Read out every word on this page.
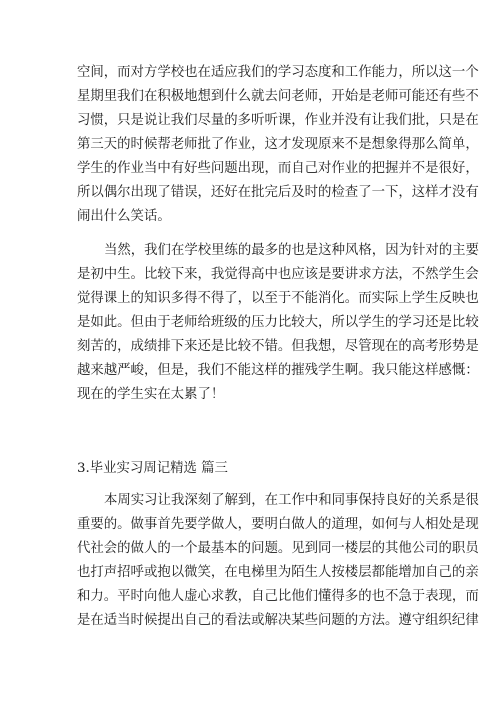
空间，而对方学校也在适应我们的学习态度和工作能力，所以这一个
星期里我们在积极地想到什么就去问老师，开始是老师可能还有些不
习惯，只是说让我们尽量的多听听课，作业并没有让我们批，只是在
第三天的时候帮老师批了作业，这才发现原来不是想象得那么简单，
学生的作业当中有好些问题出现，而自己对作业的把握并不是很好，
所以偶尔出现了错误，还好在批完后及时的检查了一下，这样才没有
闹出什么笑话。
当然，我们在学校里练的最多的也是这种风格，因为针对的主要
是初中生。比较下来，我觉得高中也应该是要讲求方法，不然学生会
觉得课上的知识多得不得了，以至于不能消化。而实际上学生反映也
是如此。但由于老师给班级的压力比较大，所以学生的学习还是比较
刻苦的，成绩排下来还是比较不错。但我想，尽管现在的高考形势是
越来越严峻，但是，我们不能这样的摧残学生啊。我只能这样感慨：
现在的学生实在太累了！
3.毕业实习周记精选 篇三
本周实习让我深刻了解到，在工作中和同事保持良好的关系是很
重要的。做事首先要学做人，要明白做人的道理，如何与人相处是现
代社会的做人的一个最基本的问题。见到同一楼层的其他公司的职员
也打声招呼或抱以微笑，在电梯里为陌生人按楼层都能增加自己的亲
和力。平时向他人虚心求教，自己比他们懂得多的也不急于表现，而
是在适当时候提出自己的看法或解决某些问题的方法。遵守组织纪律
